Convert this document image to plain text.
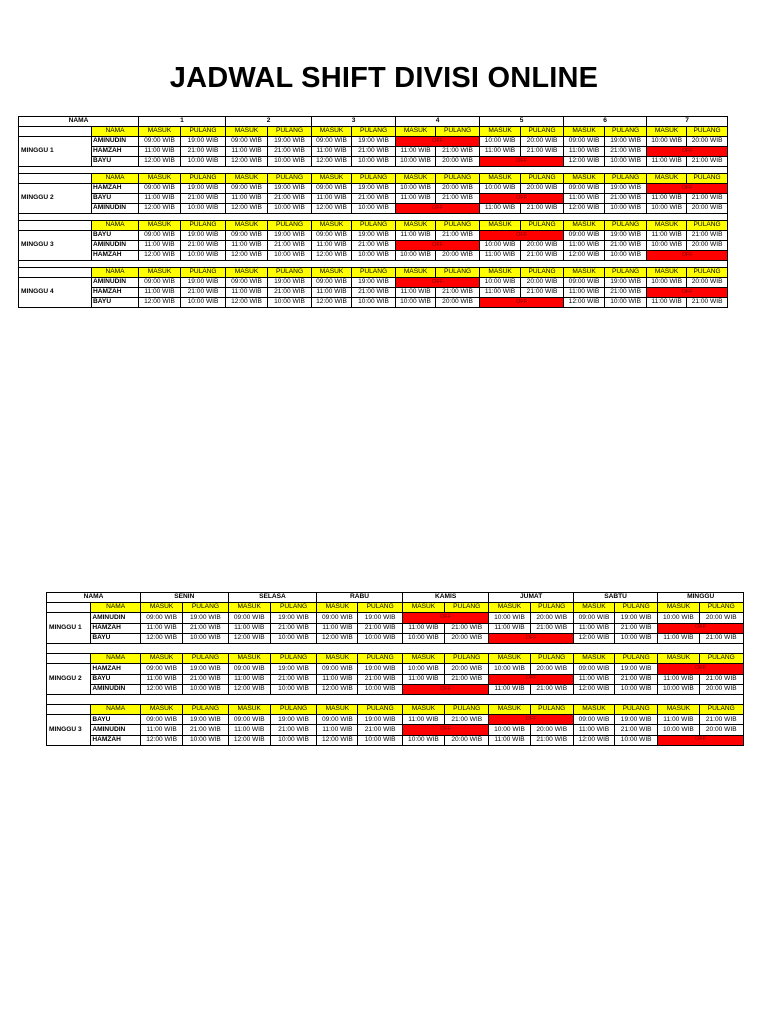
JADWAL SHIFT DIVISI ONLINE
NAMA		1		2		3		4		5		6		7	
	NAMA	MASUK	PULANG	MASUK	PULANG	MASUK	PULANG	MASUK	PULANG	MASUK	PULANG	MASUK	PULANG	MASUK	PULANG
MINGGU 1	AMINUDIN	09:00 WIB	19:00 WIB	09:00 WIB	19:00 WIB	09:00 WIB	19:00 WIB	OFF		10:00 WIB	20:00 WIB	09:00 WIB	19:00 WIB	10:00 WIB	20:00 WIB
	HAMZAH	11:00 WIB	21:00 WIB	11:00 WIB	21:00 WIB	11:00 WIB	21:00 WIB	11:00 WIB	21:00 WIB	11:00 WIB	21:00 WIB	11:00 WIB	21:00 WIB	OFF	
	BAYU	12:00 WIB	10:00 WIB	12:00 WIB	10:00 WIB	12:00 WIB	10:00 WIB	10:00 WIB	20:00 WIB	OFF		12:00 WIB	10:00 WIB	11:00 WIB	21:00 WIB

	NAMA	MASUK	PULANG	MASUK	PULANG	MASUK	PULANG	MASUK	PULANG	MASUK	PULANG	MASUK	PULANG	MASUK	PULANG
MINGGU 2	HAMZAH	09:00 WIB	19:00 WIB	09:00 WIB	19:00 WIB	09:00 WIB	19:00 WIB	10:00 WIB	20:00 WIB	10:00 WIB	20:00 WIB	09:00 WIB	19:00 WIB	OFF	
	BAYU	11:00 WIB	21:00 WIB	11:00 WIB	21:00 WIB	11:00 WIB	21:00 WIB	11:00 WIB	21:00 WIB	OFF		11:00 WIB	21:00 WIB	11:00 WIB	21:00 WIB
	AMINUDIN	12:00 WIB	10:00 WIB	12:00 WIB	10:00 WIB	12:00 WIB	10:00 WIB	OFF		11:00 WIB	21:00 WIB	12:00 WIB	10:00 WIB	10:00 WIB	20:00 WIB

	NAMA	MASUK	PULANG	MASUK	PULANG	MASUK	PULANG	MASUK	PULANG	MASUK	PULANG	MASUK	PULANG	MASUK	PULANG
MINGGU 3	BAYU	09:00 WIB	19:00 WIB	09:00 WIB	19:00 WIB	09:00 WIB	19:00 WIB	11:00 WIB	21:00 WIB	OFF		09:00 WIB	19:00 WIB	11:00 WIB	21:00 WIB
	AMINUDIN	11:00 WIB	21:00 WIB	11:00 WIB	21:00 WIB	11:00 WIB	21:00 WIB	OFF		10:00 WIB	20:00 WIB	11:00 WIB	21:00 WIB	10:00 WIB	20:00 WIB
	HAMZAH	12:00 WIB	10:00 WIB	12:00 WIB	10:00 WIB	12:00 WIB	10:00 WIB	10:00 WIB	20:00 WIB	11:00 WIB	21:00 WIB	12:00 WIB	10:00 WIB	OFF	

	NAMA	MASUK	PULANG	MASUK	PULANG	MASUK	PULANG	MASUK	PULANG	MASUK	PULANG	MASUK	PULANG	MASUK	PULANG
MINGGU 4	AMINUDIN	09:00 WIB	19:00 WIB	09:00 WIB	19:00 WIB	09:00 WIB	19:00 WIB	OFF		10:00 WIB	20:00 WIB	09:00 WIB	19:00 WIB	10:00 WIB	20:00 WIB
	HAMZAH	11:00 WIB	21:00 WIB	11:00 WIB	21:00 WIB	11:00 WIB	21:00 WIB	11:00 WIB	21:00 WIB	11:00 WIB	21:00 WIB	11:00 WIB	21:00 WIB	OFF	
	BAYU	12:00 WIB	10:00 WIB	12:00 WIB	10:00 WIB	12:00 WIB	10:00 WIB	10:00 WIB	20:00 WIB	OFF		12:00 WIB	10:00 WIB	11:00 WIB	21:00 WIB
NAMA		SENIN		SELASA		RABU		KAMIS		JUMAT		SABTU		MINGGU	
	NAMA	MASUK	PULANG	MASUK	PULANG	MASUK	PULANG	MASUK	PULANG	MASUK	PULANG	MASUK	PULANG	MASUK	PULANG
MINGGU 1	AMINUDIN	09:00 WIB	19:00 WIB	09:00 WIB	19:00 WIB	09:00 WIB	19:00 WIB	OFF		10:00 WIB	20:00 WIB	09:00 WIB	19:00 WIB	10:00 WIB	20:00 WIB
	HAMZAH	11:00 WIB	21:00 WIB	11:00 WIB	21:00 WIB	11:00 WIB	21:00 WIB	11:00 WIB	21:00 WIB	11:00 WIB	21:00 WIB	11:00 WIB	21:00 WIB	OFF	
	BAYU	12:00 WIB	10:00 WIB	12:00 WIB	10:00 WIB	12:00 WIB	10:00 WIB	10:00 WIB	20:00 WIB	OFF		12:00 WIB	10:00 WIB	11:00 WIB	21:00 WIB

	NAMA	MASUK	PULANG	MASUK	PULANG	MASUK	PULANG	MASUK	PULANG	MASUK	PULANG	MASUK	PULANG	MASUK	PULANG
MINGGU 2	HAMZAH	09:00 WIB	19:00 WIB	09:00 WIB	19:00 WIB	09:00 WIB	19:00 WIB	10:00 WIB	20:00 WIB	10:00 WIB	20:00 WIB	09:00 WIB	19:00 WIB	OFF	
	BAYU	11:00 WIB	21:00 WIB	11:00 WIB	21:00 WIB	11:00 WIB	21:00 WIB	11:00 WIB	21:00 WIB	OFF		11:00 WIB	21:00 WIB	11:00 WIB	21:00 WIB
	AMINUDIN	12:00 WIB	10:00 WIB	12:00 WIB	10:00 WIB	12:00 WIB	10:00 WIB	OFF		11:00 WIB	21:00 WIB	12:00 WIB	10:00 WIB	10:00 WIB	20:00 WIB

	NAMA	MASUK	PULANG	MASUK	PULANG	MASUK	PULANG	MASUK	PULANG	MASUK	PULANG	MASUK	PULANG	MASUK	PULANG
MINGGU 3	BAYU	09:00 WIB	19:00 WIB	09:00 WIB	19:00 WIB	09:00 WIB	19:00 WIB	11:00 WIB	21:00 WIB	OFF		09:00 WIB	19:00 WIB	11:00 WIB	21:00 WIB
	AMINUDIN	11:00 WIB	21:00 WIB	11:00 WIB	21:00 WIB	11:00 WIB	21:00 WIB	OFF		10:00 WIB	20:00 WIB	11:00 WIB	21:00 WIB	10:00 WIB	20:00 WIB
	HAMZAH	12:00 WIB	10:00 WIB	12:00 WIB	10:00 WIB	12:00 WIB	10:00 WIB	10:00 WIB	20:00 WIB	11:00 WIB	21:00 WIB	12:00 WIB	10:00 WIB	OFF	
